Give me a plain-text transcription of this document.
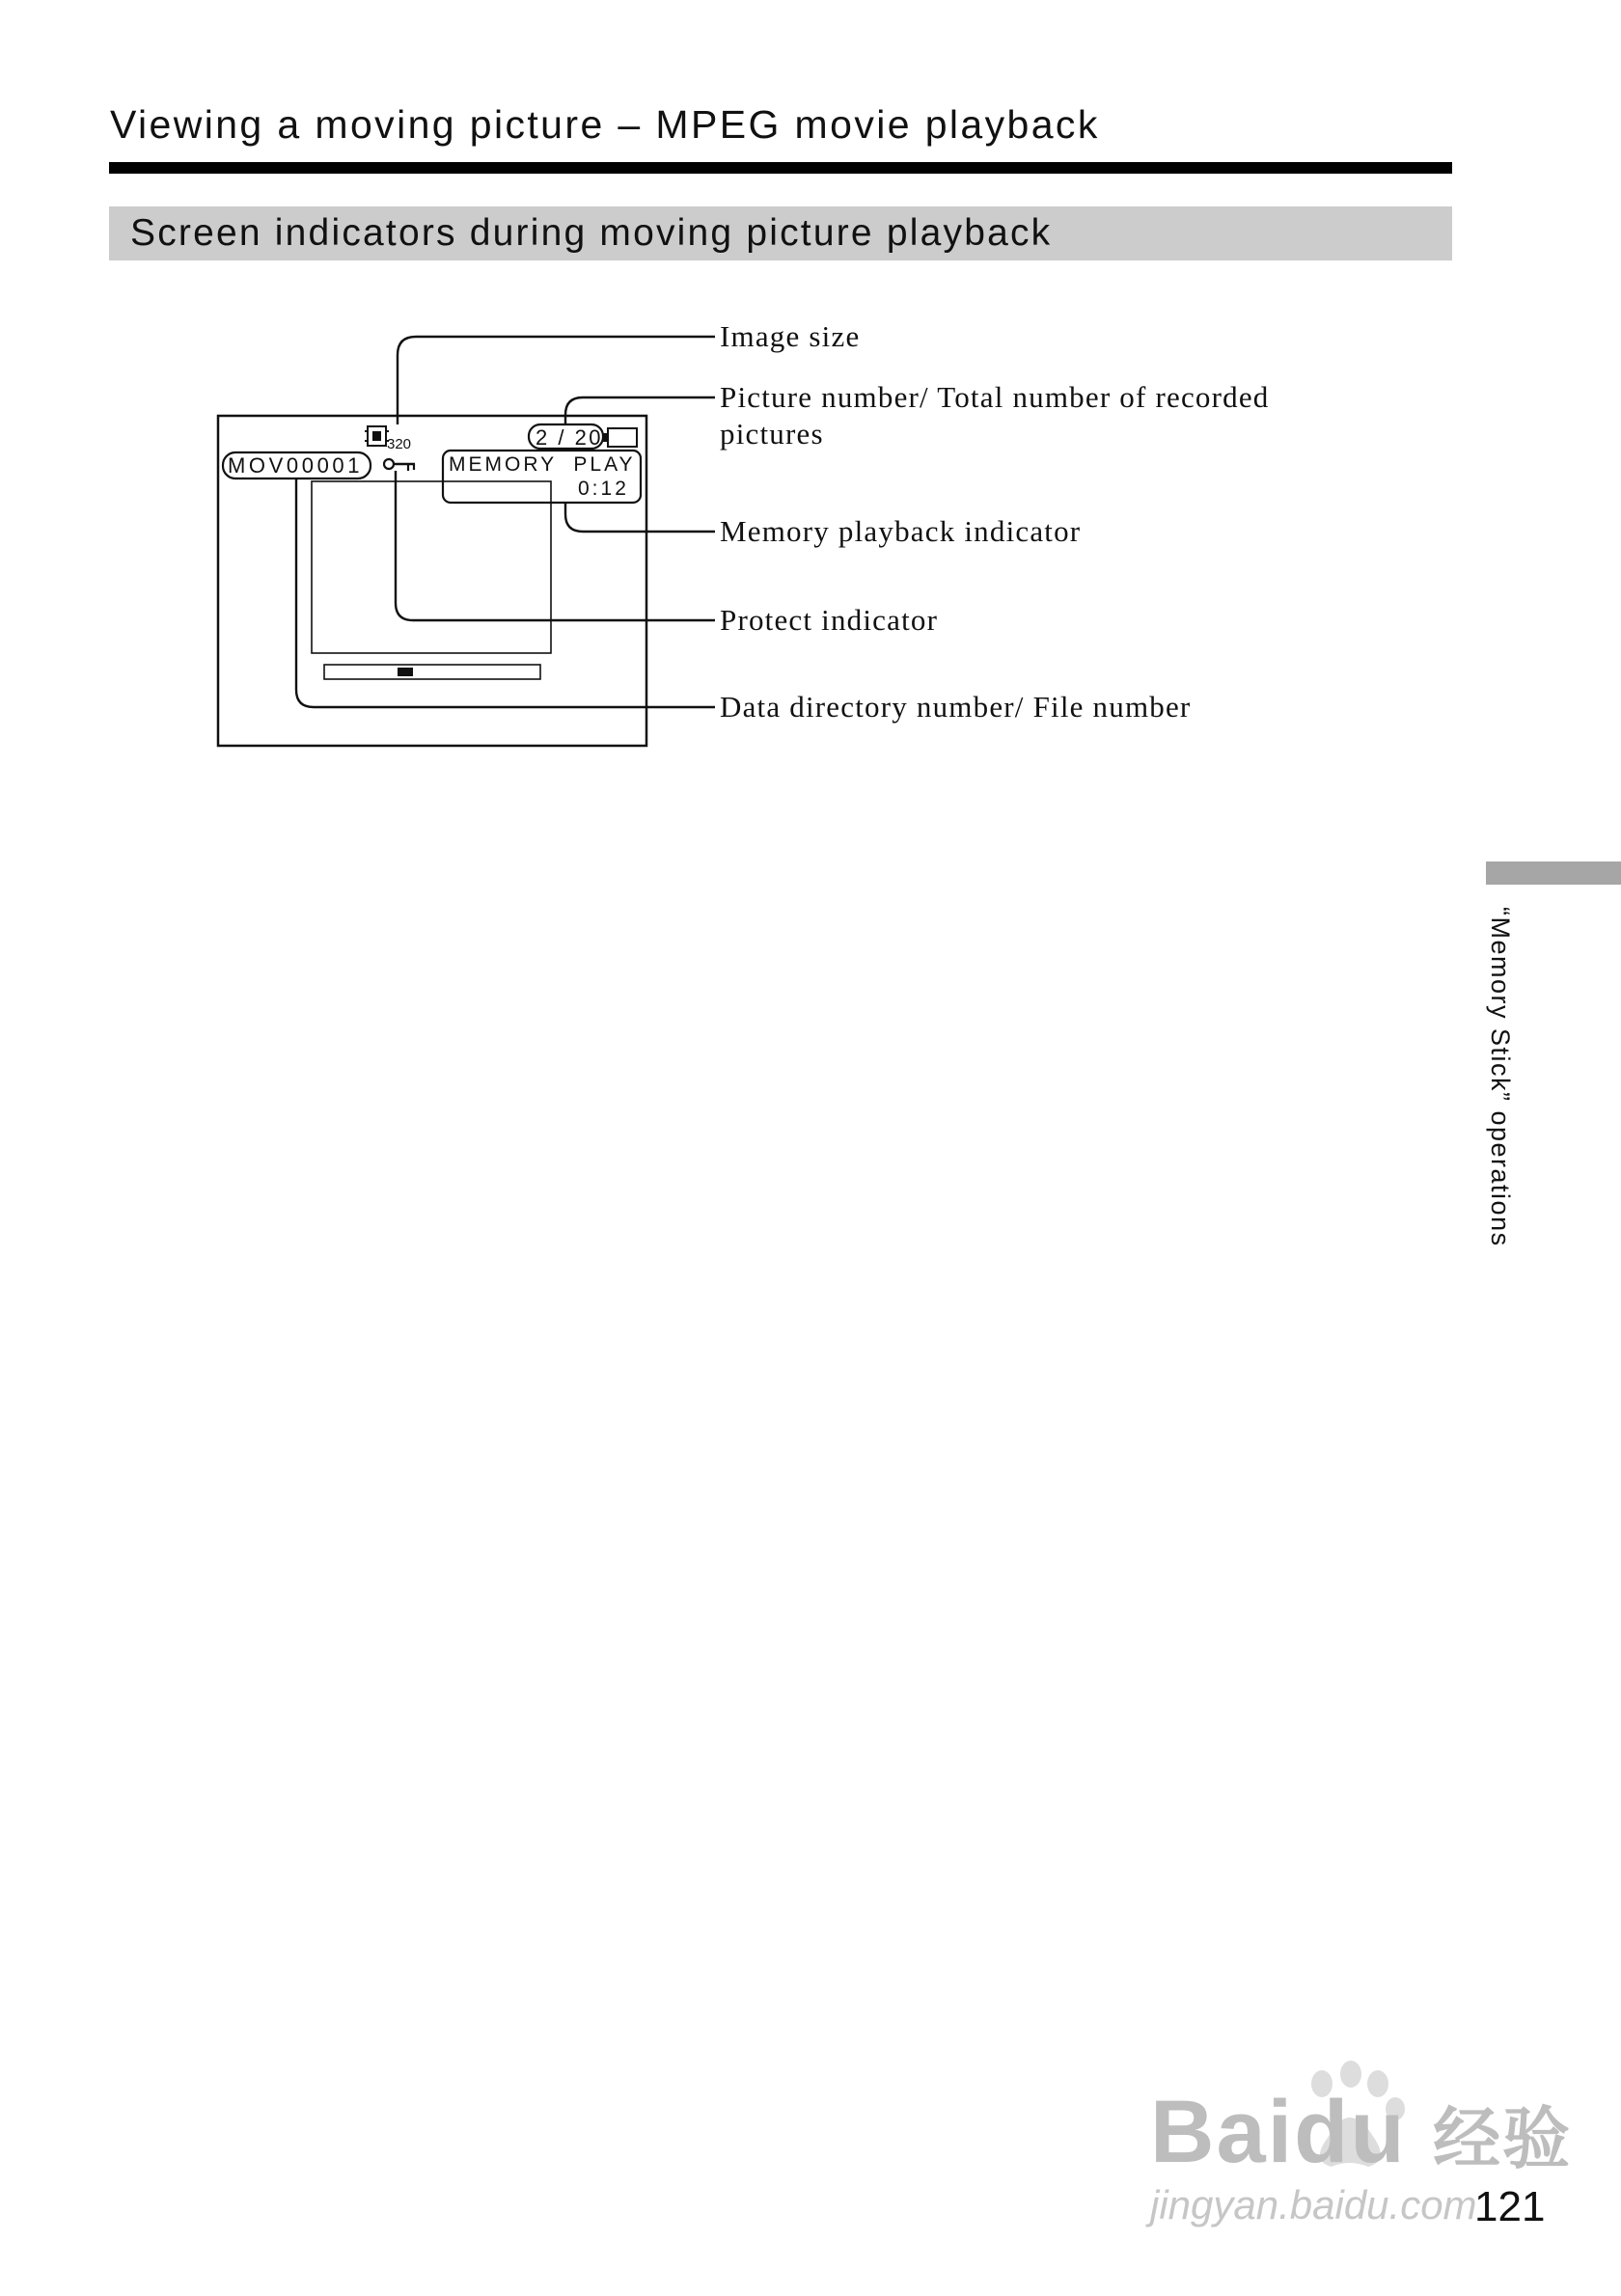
Viewing a moving picture – MPEG movie playback
Screen indicators during moving picture playback
320	2 / 20
MOV00001	MEMORY  PLAY
0:12
Image size
Picture number/ Total number of recorded
pictures
Memory playback indicator
Protect indicator
Data directory number/ File number
“Memory Stick” operations
Baidu 经验
jingyan.baidu.com
121
